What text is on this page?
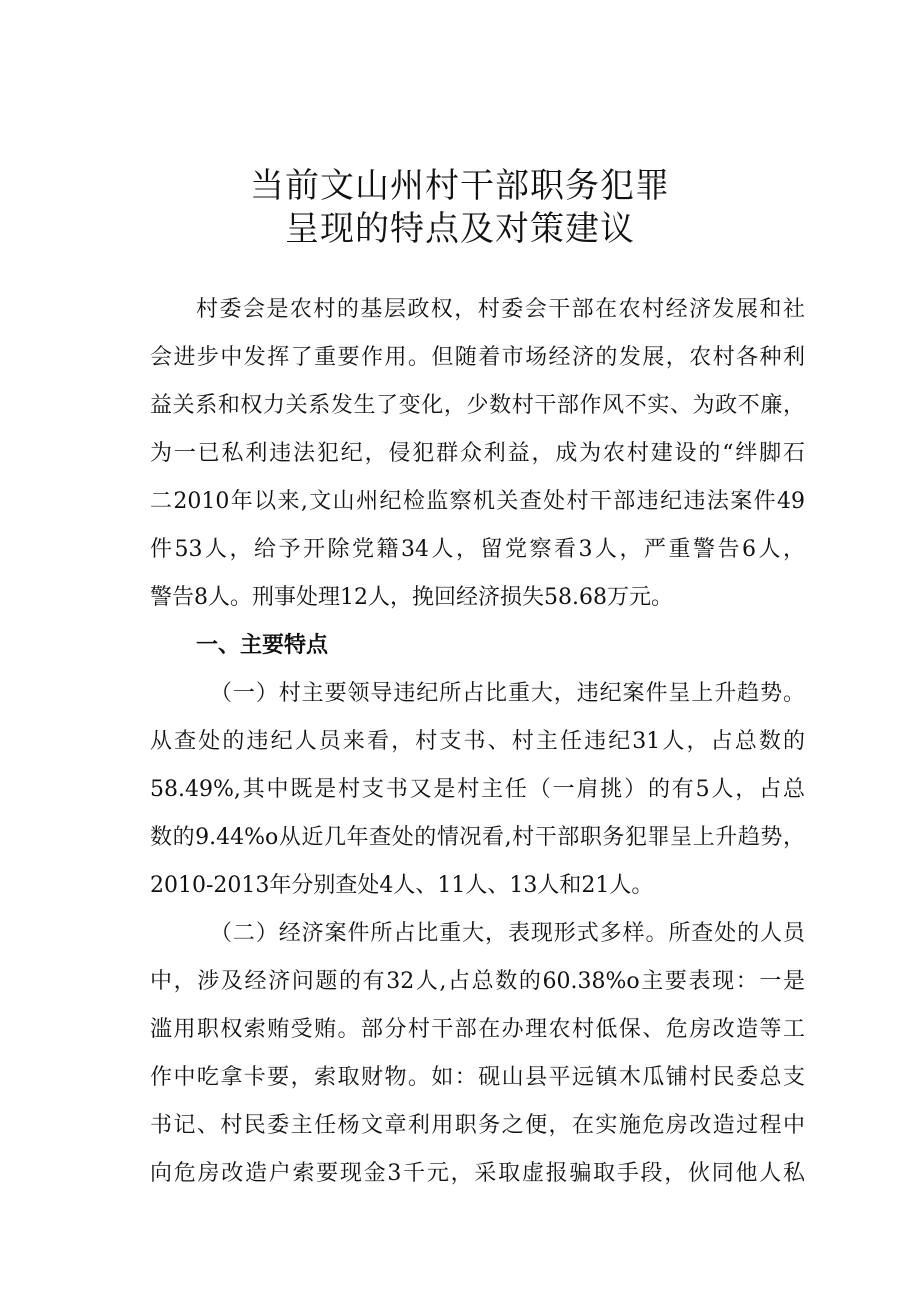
当前文山州村干部职务犯罪
呈现的特点及对策建议
村委会是农村的基层政权，村委会干部在农村经济发展和社
会进步中发挥了重要作用。但随着市场经济的发展，农村各种利
益关系和权力关系发生了变化，少数村干部作风不实、为政不廉，
为一已私利违法犯纪，侵犯群众利益，成为农村建设的“绊脚石
二2010年以来,文山州纪检监察机关查处村干部违纪违法案件49
件53人，给予开除党籍34人，留党察看3人，严重警告6人，
警告8人。刑事处理12人，挽回经济损失58.68万元。
一、主要特点
（一）村主要领导违纪所占比重大，违纪案件呈上升趋势。
从查处的违纪人员来看，村支书、村主任违纪31人，占总数的
58.49%,其中既是村支书又是村主任（一肩挑）的有5人，占总
数的9.44%o从近几年查处的情况看,村干部职务犯罪呈上升趋势，
2010-2013年分别查处4人、11人、13人和21人。
（二）经济案件所占比重大，表现形式多样。所查处的人员
中，涉及经济问题的有32人,占总数的60.38%o主要表现：一是
滥用职权索贿受贿。部分村干部在办理农村低保、危房改造等工
作中吃拿卡要，索取财物。如：砚山县平远镇木瓜铺村民委总支
书记、村民委主任杨文章利用职务之便，在实施危房改造过程中
向危房改造户索要现金3千元，采取虚报骗取手段，伙同他人私
